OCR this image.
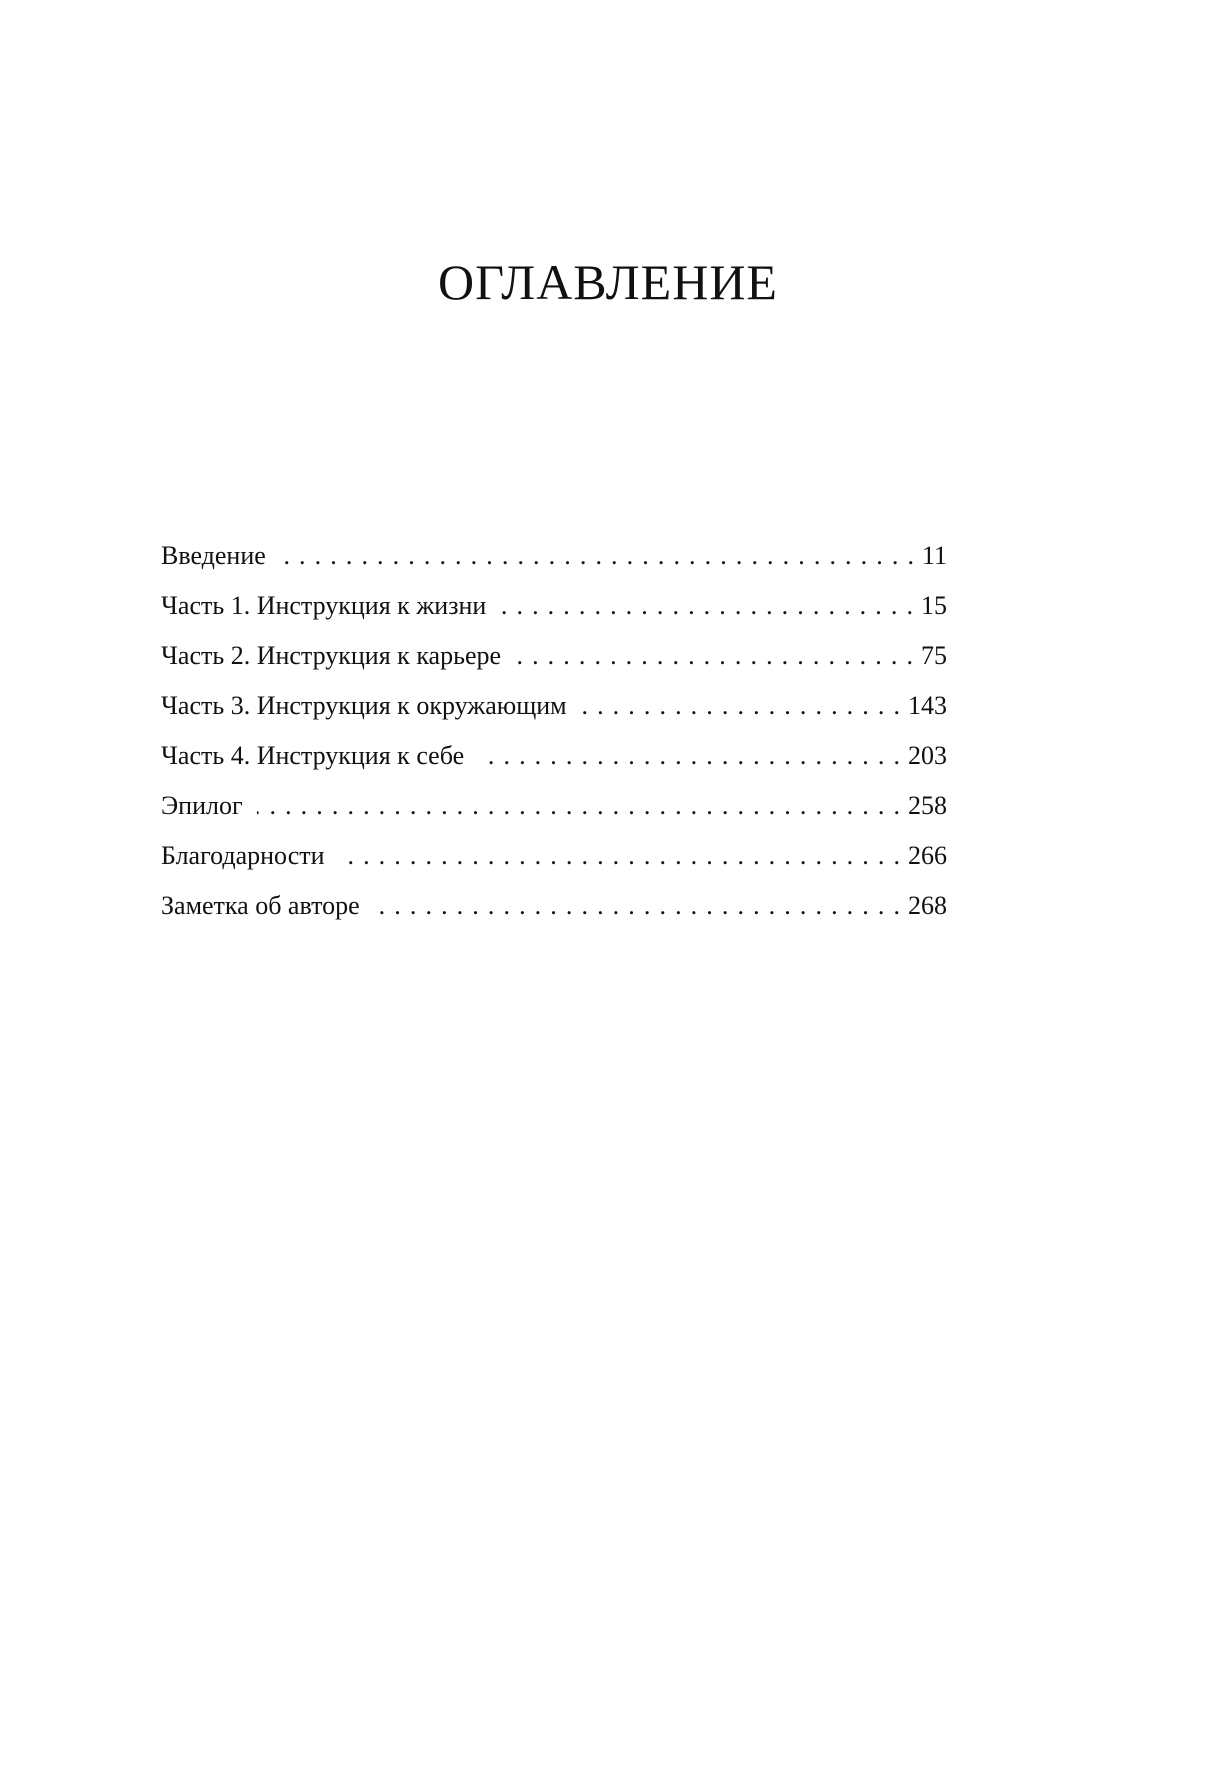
ОГЛАВЛЕНИЕ
Введение . . .	11
Часть 1. Инструкция к жизни . . .	15
Часть 2. Инструкция к карьере . . .	75
Часть 3. Инструкция к окружающим . . .	143
Часть 4. Инструкция к себе . . .	203
Эпилог . . .	258
Благодарности . . .	266
Заметка об авторе . . .	268
